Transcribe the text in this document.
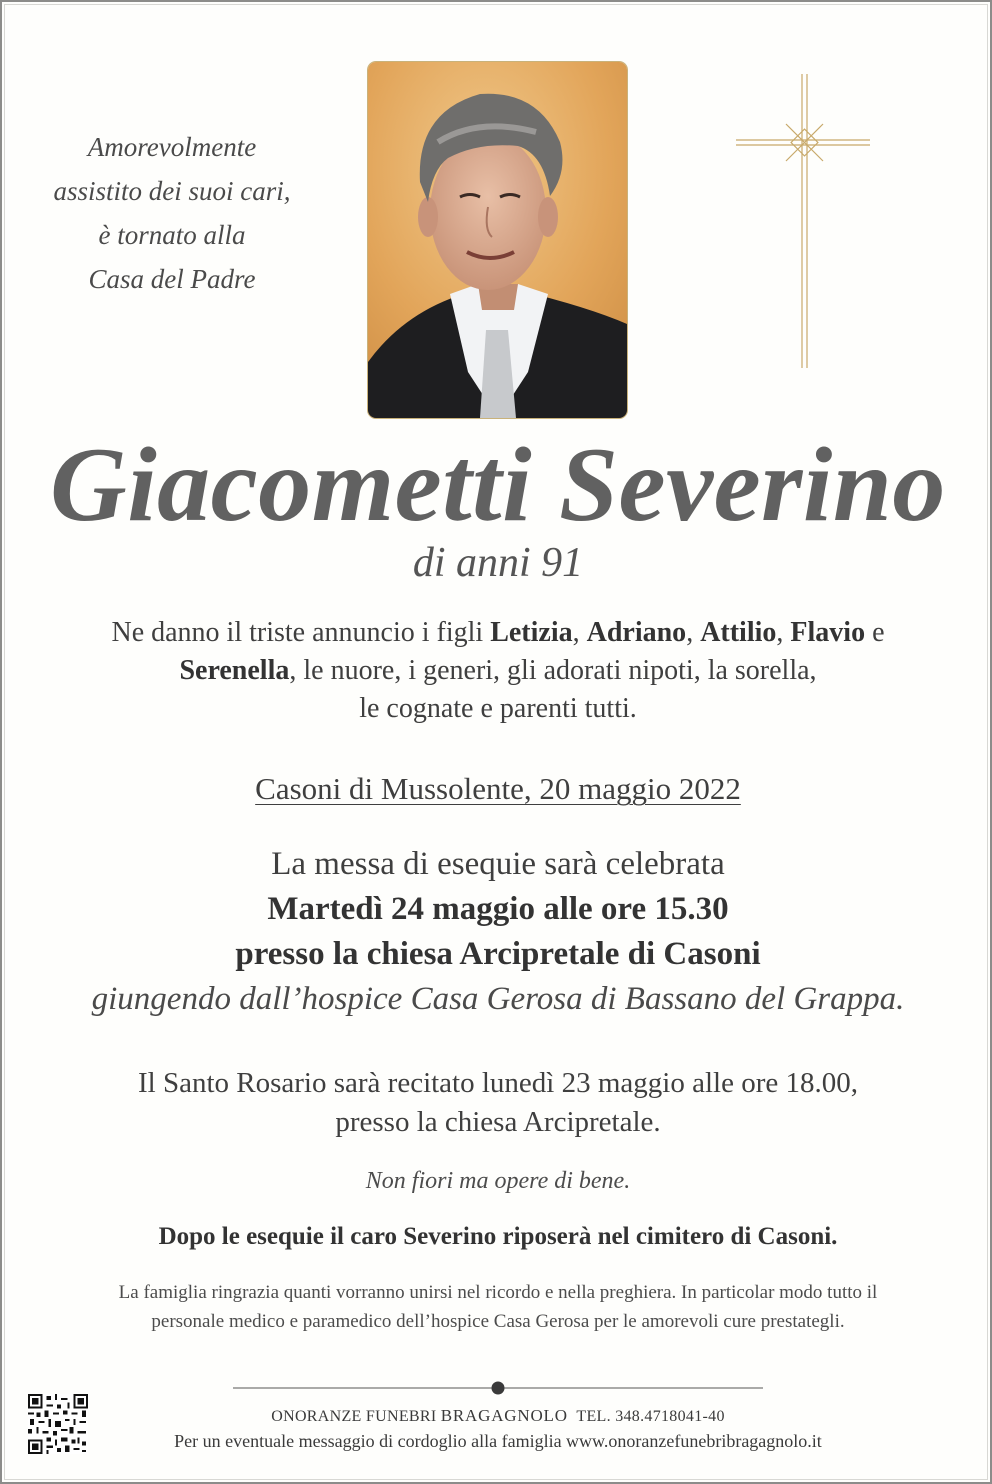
Amorevolmente
assistito dei suoi cari,
è tornato alla
Casa del Padre
Giacometti Severino
di anni 91
Ne danno il triste annuncio i figli Letizia, Adriano, Attilio, Flavio e
Serenella, le nuore, i generi, gli adorati nipoti, la sorella,
le cognate e parenti tutti.
Casoni di Mussolente, 20 maggio 2022
La messa di esequie sarà celebrata
Martedì 24 maggio alle ore 15.30
presso la chiesa Arcipretale di Casoni
giungendo dall’hospice Casa Gerosa di Bassano del Grappa.
Il Santo Rosario sarà recitato lunedì 23 maggio alle ore 18.00,
presso la chiesa Arcipretale.
Non fiori ma opere di bene.
Dopo le esequie il caro Severino riposerà nel cimitero di Casoni.
La famiglia ringrazia quanti vorranno unirsi nel ricordo e nella preghiera. In particolar modo tutto il
personale medico e paramedico dell’hospice Casa Gerosa per le amorevoli cure prestategli.
ONORANZE FUNEBRI BRAGAGNOLO TEL. 348.4718041-40
Per un eventuale messaggio di cordoglio alla famiglia www.onoranzefunebribragagnolo.it
